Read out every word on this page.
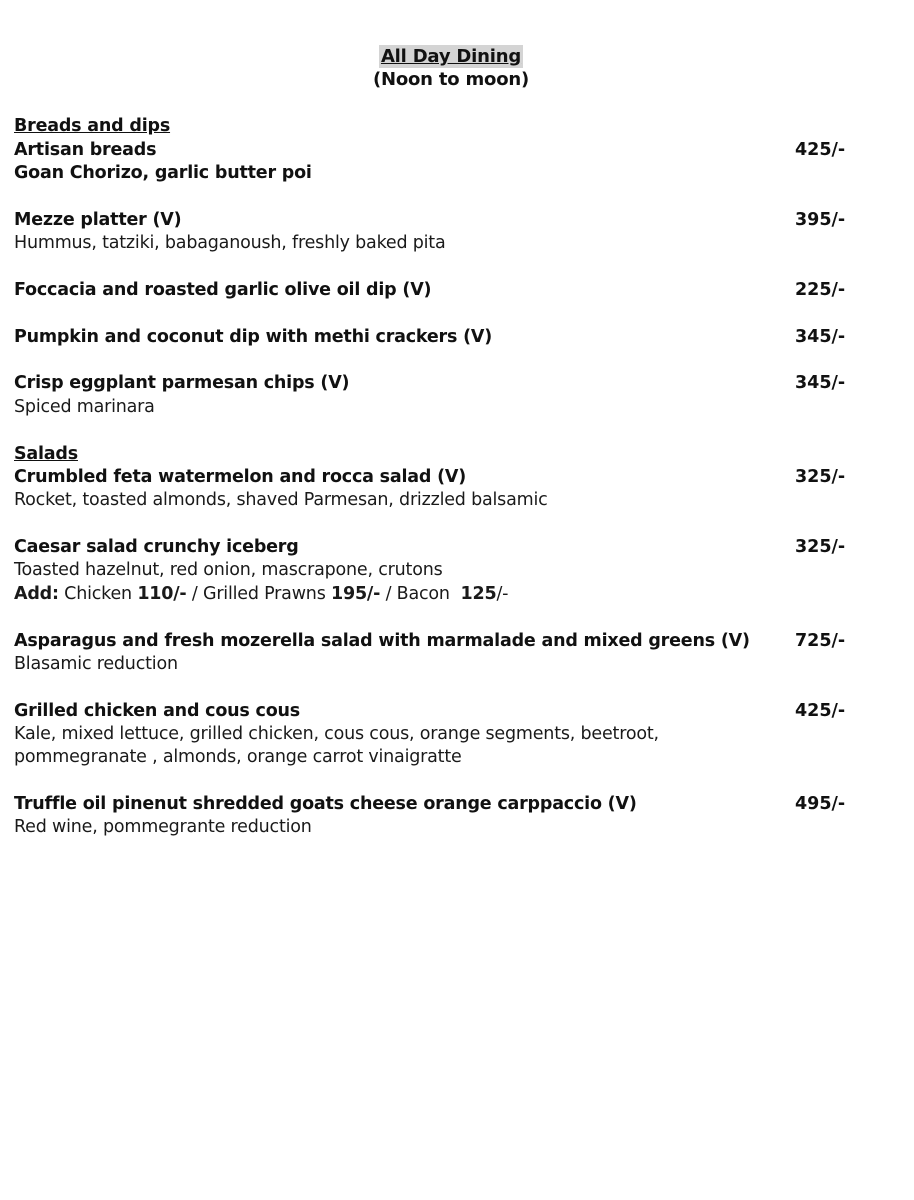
All Day Dining
(Noon to moon)
Breads and dips
Artisan breads	425/-
Goan Chorizo, garlic butter poi
Mezze platter (V)	395/-
Hummus, tatziki, babaganoush, freshly baked pita
Foccacia and roasted garlic olive oil dip (V)	225/-
Pumpkin and coconut dip with methi crackers (V)	345/-
Crisp eggplant parmesan chips (V)	345/-
Spiced marinara
Salads
Crumbled feta watermelon and rocca salad (V)	325/-
Rocket, toasted almonds, shaved Parmesan, drizzled balsamic
Caesar salad crunchy iceberg	325/-
Toasted hazelnut, red onion, mascrapone, crutons
Add: Chicken 110/- / Grilled Prawns 195/- / Bacon 125/-
Asparagus and fresh mozerella salad with marmalade and mixed greens (V)	725/-
Blasamic reduction
Grilled chicken and cous cous	425/-
Kale, mixed lettuce, grilled chicken, cous cous, orange segments, beetroot,
pommegranate , almonds, orange carrot vinaigratte
Truffle oil pinenut shredded goats cheese orange carppaccio (V)	495/-
Red wine, pommegrante reduction
